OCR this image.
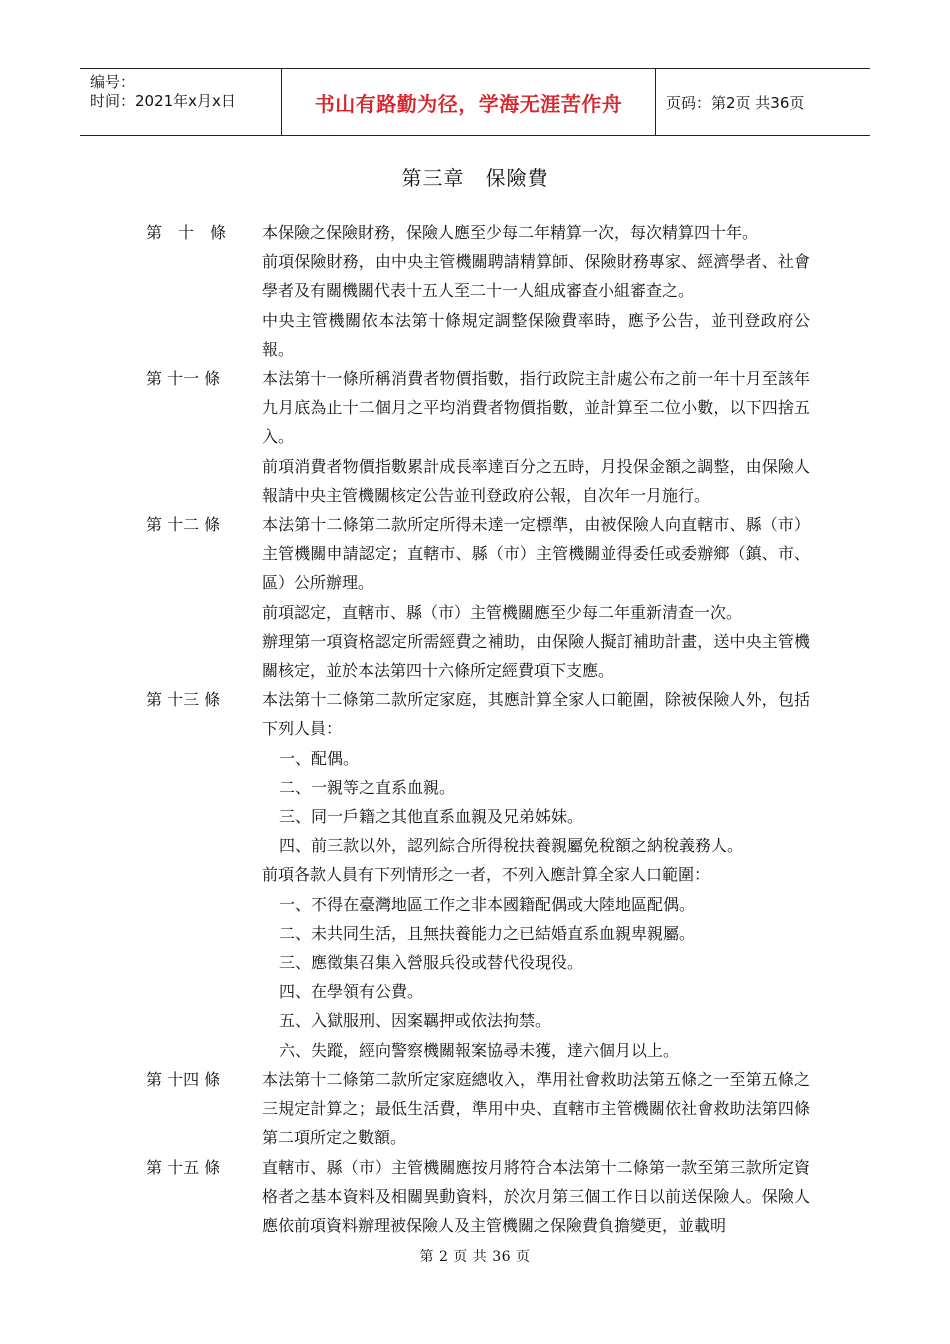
编号：
时间：2021年x月x日	书山有路勤为径，学海无涯苦作舟	页码：第2页 共36页
第三章　保險費
第　十　條	本保險之保險財務，保險人應至少每二年精算一次，每次精算四十年。

前項保險財務，由中央主管機關聘請精算師、保險財務專家、經濟學者、社會學者及有關機關代表十五人至二十一人組成審查小組審查之。

中央主管機關依本法第十條規定調整保險費率時，應予公告，並刊登政府公報。

第 十一 條	本法第十一條所稱消費者物價指數，指行政院主計處公布之前一年十月至該年九月底為止十二個月之平均消費者物價指數，並計算至二位小數，以下四捨五入。

前項消費者物價指數累計成長率達百分之五時，月投保金額之調整，由保險人報請中央主管機關核定公告並刊登政府公報，自次年一月施行。

第 十二 條	本法第十二條第二款所定所得未達一定標準，由被保險人向直轄市、縣（市）主管機關申請認定；直轄市、縣（市）主管機關並得委任或委辦鄉（鎮、市、區）公所辦理。

前項認定，直轄市、縣（市）主管機關應至少每二年重新清查一次。

辦理第一項資格認定所需經費之補助，由保險人擬訂補助計畫，送中央主管機關核定，並於本法第四十六條所定經費項下支應。

第 十三 條	本法第十二條第二款所定家庭，其應計算全家人口範圍，除被保險人外，包括下列人員：

一、配偶。

二、一親等之直系血親。

三、同一戶籍之其他直系血親及兄弟姊妹。

四、前三款以外，認列綜合所得稅扶養親屬免稅額之納稅義務人。

前項各款人員有下列情形之一者，不列入應計算全家人口範圍：

一、不得在臺灣地區工作之非本國籍配偶或大陸地區配偶。

二、未共同生活，且無扶養能力之已結婚直系血親卑親屬。

三、應徵集召集入營服兵役或替代役現役。

四、在學領有公費。

五、入獄服刑、因案羈押或依法拘禁。

六、失蹤，經向警察機關報案協尋未獲，達六個月以上。

第 十四 條	本法第十二條第二款所定家庭總收入，準用社會救助法第五條之一至第五條之三規定計算之；最低生活費，準用中央、直轄市主管機關依社會救助法第四條第二項所定之數額。

第 十五 條	直轄市、縣（市）主管機關應按月將符合本法第十二條第一款至第三款所定資格者之基本資料及相關異動資料，於次月第三個工作日以前送保險人。保險人應依前項資料辦理被保險人及主管機關之保險費負擔變更，並載明

第 2 页 共 36 页
